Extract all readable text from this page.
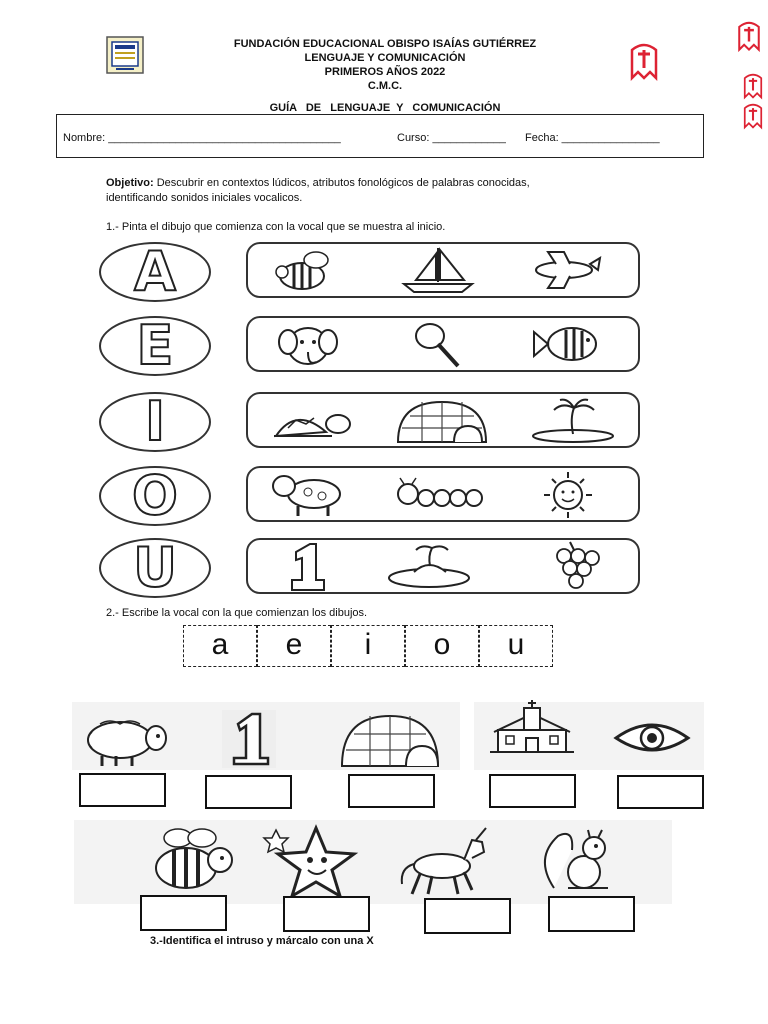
FUNDACIÓN EDUCACIONAL OBISPO ISAÍAS GUTIÉRREZ
LENGUAJE Y COMUNICACIÓN
PRIMEROS AÑOS 2022
C.M.C.
GUÍA   DE   LENGUAJE  Y   COMUNICACIÓN
Nombre: ______________________________________	Curso: ____________ Fecha: ________________
Objetivo: Descubrir en contextos lúdicos, atributos fonológicos de palabras conocidas,
identificando sonidos iniciales vocalicos.
1.- Pinta el dibujo que comienza con la vocal que se muestra al inicio.
A
E
I
O
U
2.- Escribe la vocal con la que comienzan los dibujos.
a	e	i	o	u
3.-Identifica el intruso y márcalo con una X
